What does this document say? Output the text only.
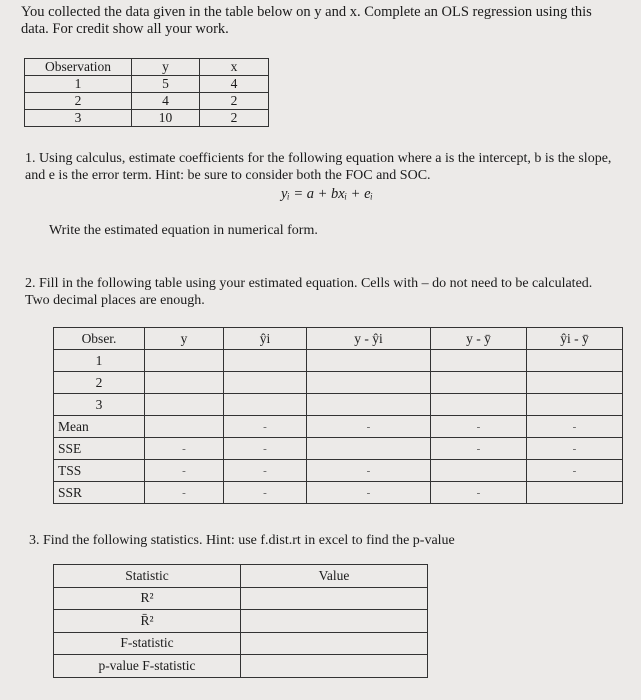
You collected the data given in the table below on y and x. Complete an OLS regression using this data. For credit show all your work.
Observation	y	x
1	5	4
2	4	2
3	10	2
1. Using calculus, estimate coefficients for the following equation where a is the intercept, b is the slope, and e is the error term. Hint: be sure to consider both the FOC and SOC.
yᵢ = a + bxᵢ + eᵢ
Write the estimated equation in numerical form.
2. Fill in the following table using your estimated equation. Cells with – do not need to be calculated. Two decimal places are enough.
Obser.	y	ŷi	y - ŷi	y - ȳ	ŷi - ȳ
1					
2					
3					
Mean		-	-	-	-
SSE	-	-		-	-
TSS	-	-	-		-
SSR	-	-	-	-	
3. Find the following statistics. Hint: use f.dist.rt in excel to find the p-value
Statistic	Value
R²	
R̄²	
F-statistic	
p-value F-statistic	
